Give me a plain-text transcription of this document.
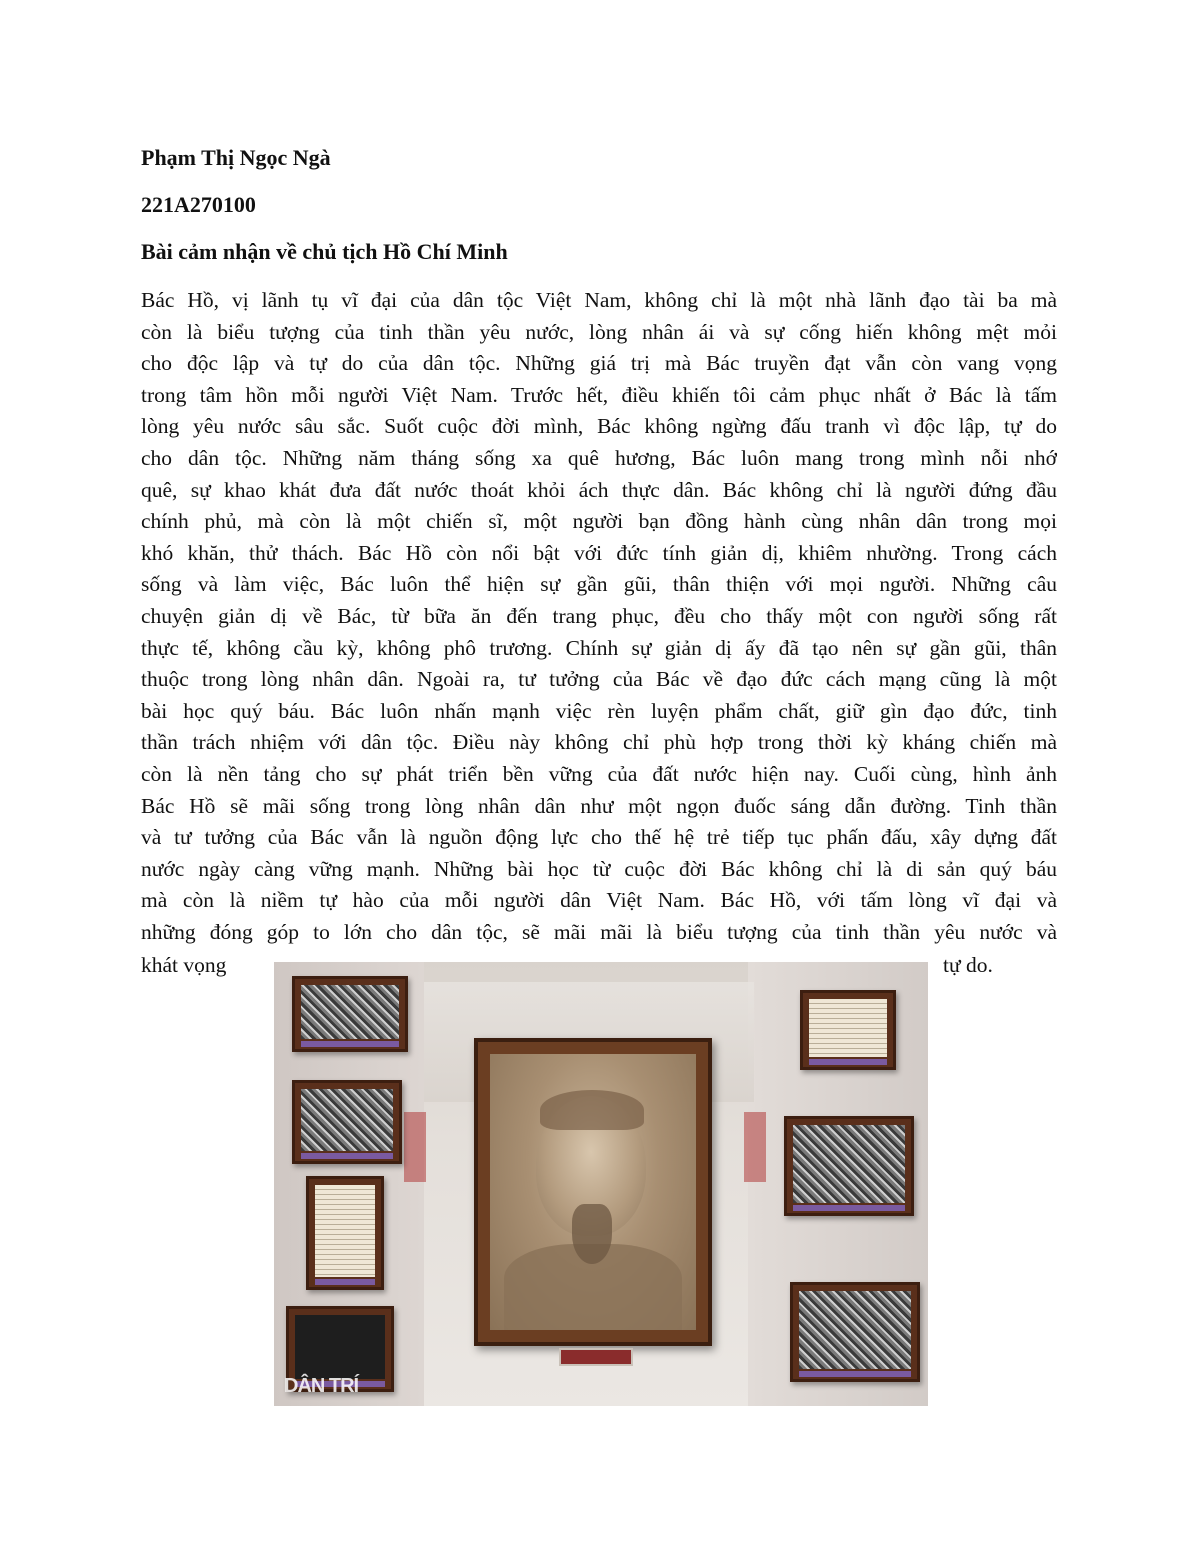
Phạm Thị Ngọc Ngà
221A270100
Bài cảm nhận về chủ tịch Hồ Chí Minh
Bác Hồ, vị lãnh tụ vĩ đại của dân tộc Việt Nam, không chỉ là một nhà lãnh đạo tài ba mà
còn là biểu tượng của tinh thần yêu nước, lòng nhân ái và sự cống hiến không mệt mỏi
cho độc lập và tự do của dân tộc. Những giá trị mà Bác truyền đạt vẫn còn vang vọng
trong tâm hồn mỗi người Việt Nam. Trước hết, điều khiến tôi cảm phục nhất ở Bác là tấm
lòng yêu nước sâu sắc. Suốt cuộc đời mình, Bác không ngừng đấu tranh vì độc lập, tự do
cho dân tộc. Những năm tháng sống xa quê hương, Bác luôn mang trong mình nỗi nhớ
quê, sự khao khát đưa đất nước thoát khỏi ách thực dân. Bác không chỉ là người đứng đầu
chính phủ, mà còn là một chiến sĩ, một người bạn đồng hành cùng nhân dân trong mọi
khó khăn, thử thách. Bác Hồ còn nổi bật với đức tính giản dị, khiêm nhường. Trong cách
sống và làm việc, Bác luôn thể hiện sự gần gũi, thân thiện với mọi người. Những câu
chuyện giản dị về Bác, từ bữa ăn đến trang phục, đều cho thấy một con người sống rất
thực tế, không cầu kỳ, không phô trương. Chính sự giản dị ấy đã tạo nên sự gần gũi, thân
thuộc trong lòng nhân dân. Ngoài ra, tư tưởng của Bác về đạo đức cách mạng cũng là một
bài học quý báu. Bác luôn nhấn mạnh việc rèn luyện phẩm chất, giữ gìn đạo đức, tinh
thần trách nhiệm với dân tộc. Điều này không chỉ phù hợp trong thời kỳ kháng chiến mà
còn là nền tảng cho sự phát triển bền vững của đất nước hiện nay. Cuối cùng, hình ảnh
Bác Hồ sẽ mãi sống trong lòng nhân dân như một ngọn đuốc sáng dẫn đường. Tinh thần
và tư tưởng của Bác vẫn là nguồn động lực cho thế hệ trẻ tiếp tục phấn đấu, xây dựng đất
nước ngày càng vững mạnh. Những bài học từ cuộc đời Bác không chỉ là di sản quý báu
mà còn là niềm tự hào của mỗi người dân Việt Nam. Bác Hồ, với tấm lòng vĩ đại và
những đóng góp to lớn cho dân tộc, sẽ mãi mãi là biểu tượng của tinh thần yêu nước và
khát vọng	tự do.
DÂN TRÍ
